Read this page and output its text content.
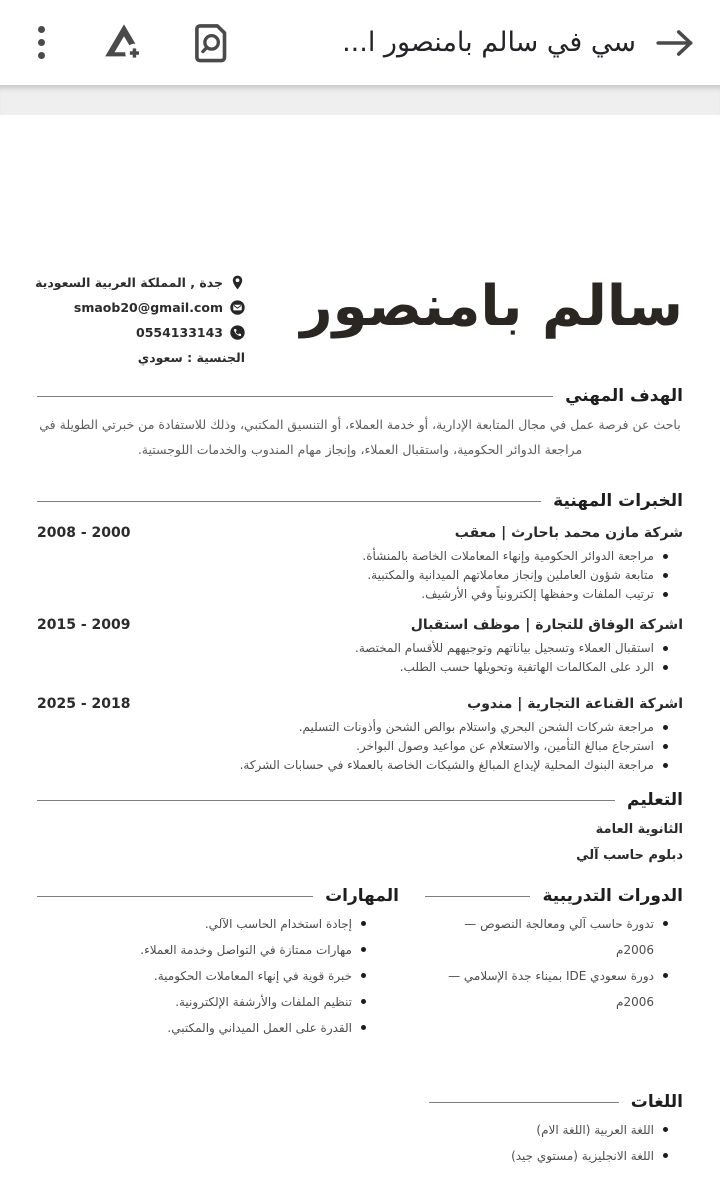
سي في سالم بامنصور ا...
سالم بامنصور
جدة , المملكة العربية السعودية
smaob20@gmail.com
0554133143
الجنسية : سعودي
الهدف المهني
باحث عن فرصة عمل في مجال المتابعة الإدارية، أو خدمة العملاء، أو التنسيق المكتبي، وذلك للاستفادة من خبرتي الطويلة في مراجعة الدوائر الحكومية، واستقبال العملاء، وإنجاز مهام المندوب والخدمات اللوجستية.
الخبرات المهنية
شركة مازن محمد باحارث | معقب
2008 - 2000
مراجعة الدوائر الحكومية وإنهاء المعاملات الخاصة بالمنشأة.
متابعة شؤون العاملين وإنجاز معاملاتهم الميدانية والمكتبية.
ترتيب الملفات وحفظها إلكترونياً وفي الأرشيف.
اشركة الوفاق للتجارة | موظف استقبال
2015 - 2009
استقبال العملاء وتسجيل بياناتهم وتوجيههم للأقسام المختصة.
الرد على المكالمات الهاتفية وتحويلها حسب الطلب.
اشركة القناعة التجارية | مندوب
2025 - 2018
مراجعة شركات الشحن البحري واستلام بوالص الشحن وأذونات التسليم.
استرجاع مبالغ التأمين، والاستعلام عن مواعيد وصول البواخر.
مراجعة البنوك المحلية لإيداع المبالغ والشيكات الخاصة بالعملاء في حسابات الشركة.
التعليم
الثانوية العامة
دبلوم حاسب آلي
الدورات التدريبية
تدورة حاسب آلي ومعالجة النصوص — 2006م
دورة سعودي IDE بميناء جدة الإسلامي — 2006م
اللغات
اللغة العربية (اللغة الام)
اللغة الانجليزية (مستوي جيد)
المهارات
إجادة استخدام الحاسب الآلي.
مهارات ممتازة في التواصل وخدمة العملاء.
خبرة قوية في إنهاء المعاملات الحكومية.
تنظيم الملفات والأرشفة الإلكترونية.
القدرة على العمل الميداني والمكتبي.
